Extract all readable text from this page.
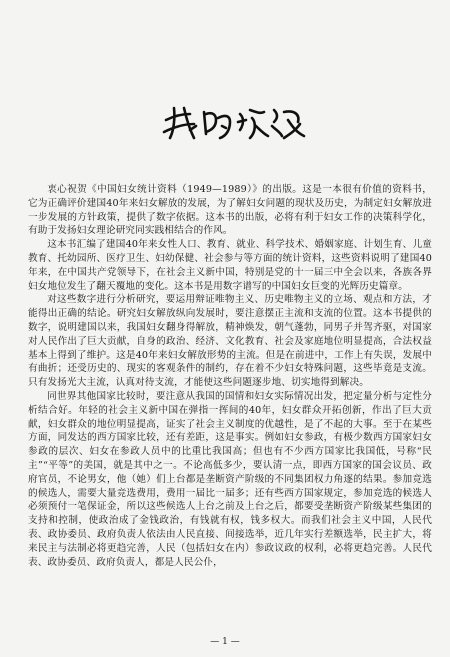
衷心祝贺《中国妇女统计资料（1949—1989）》的出版。这是一本很有价值的资料书，它为正确评价建国40年来妇女解放的发展，为了解妇女问题的现状及历史，为制定妇女解放进一步发展的方针政策，提供了数字依据。这本书的出版，必将有利于妇女工作的决策科学化，有助于发扬妇女理论研究同实践相结合的作风。

这本书汇编了建国40年来女性人口、教育、就业、科学技术、婚姻家庭、计划生育、儿童教育、托幼园所、医疗卫生、妇幼保健、社会参与等方面的统计资料，这些资料说明了建国40年来，在中国共产党领导下，在社会主义新中国，特别是党的十一届三中全会以来，各族各界妇女地位发生了翻天覆地的变化。这本书是用数字谱写的中国妇女巨变的光辉历史篇章。

对这些数字进行分析研究，要运用辩证唯物主义、历史唯物主义的立场、观点和方法，才能得出正确的结论。研究妇女解放纵向发展时，要注意摆正主流和支流的位置。这本书提供的数字，说明建国以来，我国妇女翻身得解放，精神焕发，朝气蓬勃，同男子并驾齐驱，对国家对人民作出了巨大贡献，自身的政治、经济、文化教育、社会及家庭地位明显提高，合法权益基本上得到了维护。这是40年来妇女解放形势的主流。但是在前进中，工作上有失误，发展中有曲折；还受历史的、现实的客观条件的制约，存在着不少妇女特殊问题，这些毕竟是支流。只有发扬光大主流，认真对待支流，才能使这些问题逐步地、切实地得到解决。

同世界其他国家比较时，要注意从我国的国情和妇女实际情况出发，把定量分析与定性分析结合好。年轻的社会主义新中国在弹指一挥间的40年，妇女群众开拓创新，作出了巨大贡献，妇女群众的地位明显提高，证实了社会主义制度的优越性，是了不起的大事。至于在某些方面，同发达的西方国家比较，还有差距，这是事实。例如妇女参政，有极少数西方国家妇女参政的层次、妇女在参政人员中的比重比我国高；但也有不少西方国家比我国低，号称“民主”“平等”的美国，就是其中之一。不论高低多少，要认清一点，即西方国家的国会议员、政府官员，不论男女，他（她）们上台都是垄断资产阶级的不同集团权力角逐的结果。参加竞选的候选人，需要大量竞选费用，费用一届比一届多；还有些西方国家规定，参加竞选的候选人必须预付一笔保证金，所以这些候选人上台之前及上台之后，都要受垄断资产阶级某些集团的支持和控制，使政治成了金钱政治，有钱就有权，钱多权大。而我们社会主义中国，人民代表、政协委员、政府负责人依法由人民直接、间接选举，近几年实行差额选举，民主扩大，将来民主与法制必将更趋完善，人民（包括妇女在内）参政议政的权利，必将更趋完善。人民代表、政协委员、政府负责人，都是人民公仆，

— 1 —
